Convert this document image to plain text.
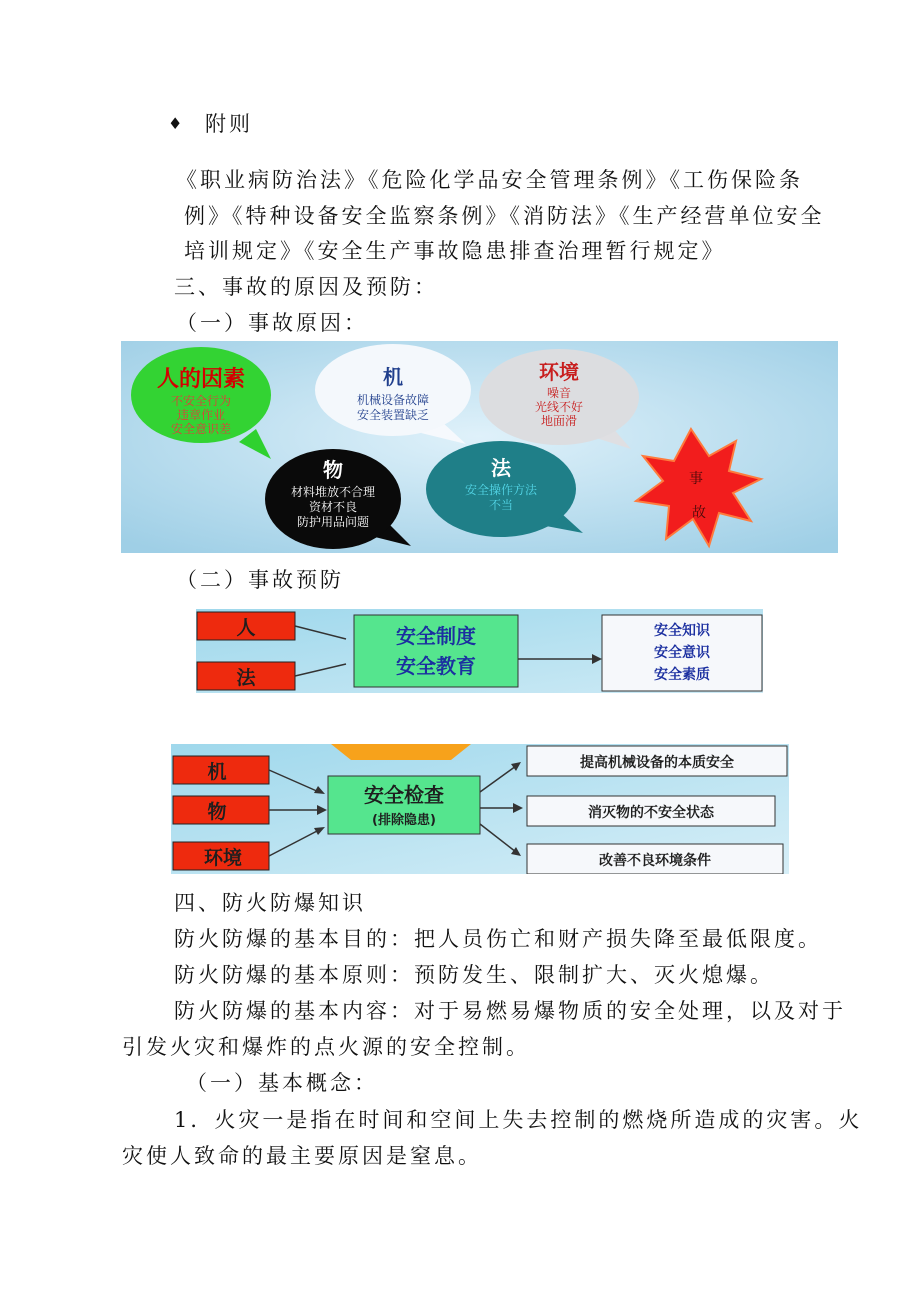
♦ 附则
《职业病防治法》《危险化学品安全管理条例》《工伤保险条
例》《特种设备安全监察条例》《消防法》《生产经营单位安全
培训规定》《安全生产事故隐患排查治理暂行规定》
三、事故的原因及预防：
（一）事故原因：
人的因素
不安全行为
违章作业
安全意识差
机
机械设备故障
安全装置缺乏
环境
噪音
光线不好
地面滑
物
材料堆放不合理
资材不良
防护用品问题
法
安全操作方法
不当
事
故
（二）事故预防
人
法
安全制度
安全教育
安全知识
安全意识
安全素质
机
物
环境
安全检查
(排除隐患)
提高机械设备的本质安全
消灭物的不安全状态
改善不良环境条件
四、防火防爆知识
防火防爆的基本目的：把人员伤亡和财产损失降至最低限度。
防火防爆的基本原则：预防发生、限制扩大、灭火熄爆。
防火防爆的基本内容：对于易燃易爆物质的安全处理，以及对于
引发火灾和爆炸的点火源的安全控制。
（一）基本概念：
1．火灾一是指在时间和空间上失去控制的燃烧所造成的灾害。火
灾使人致命的最主要原因是窒息。
